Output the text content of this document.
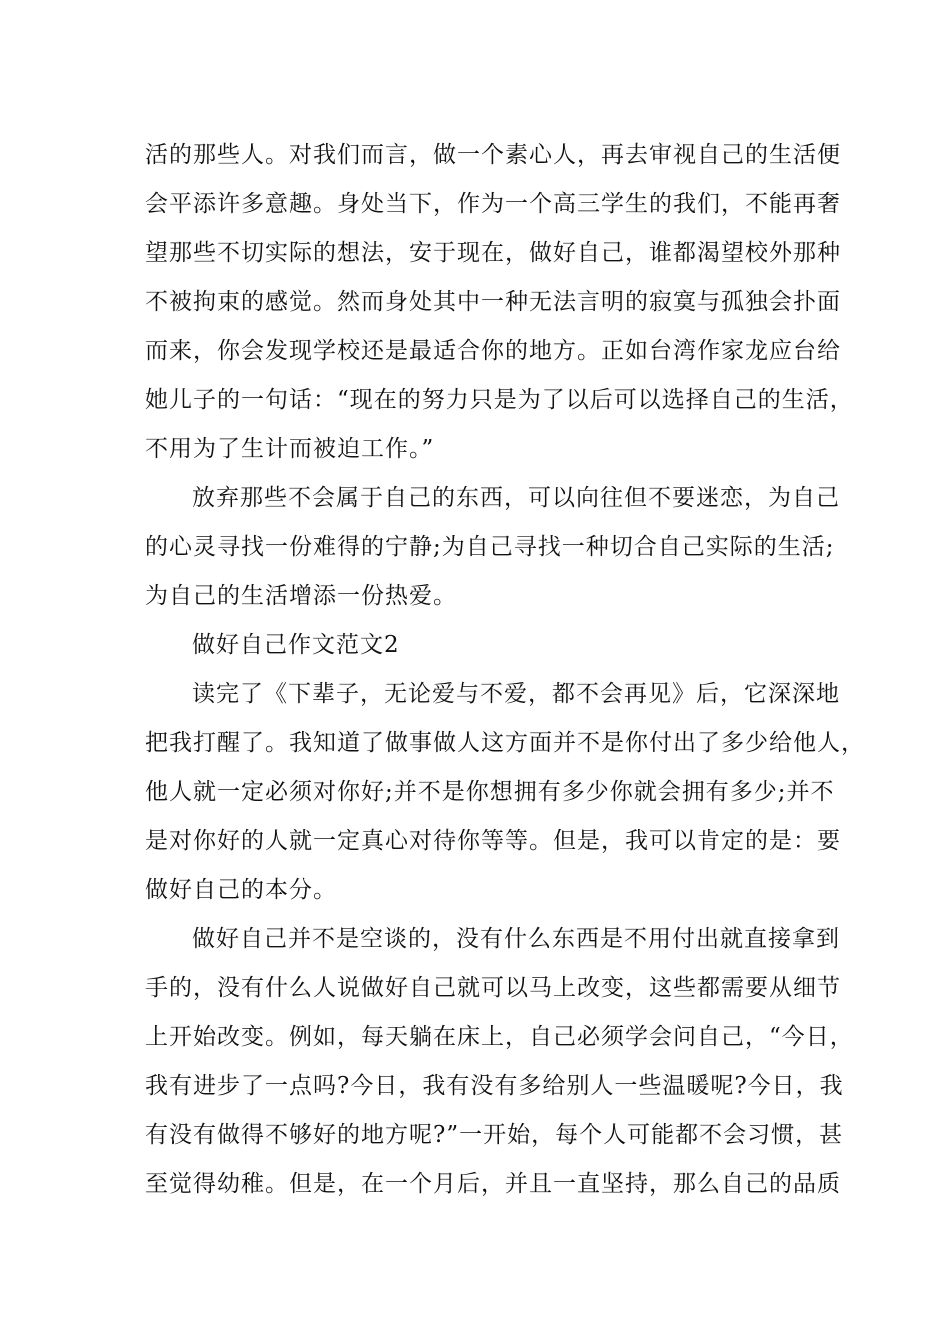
活的那些人。对我们而言，做一个素心人，再去审视自己的生活便
会平添许多意趣。身处当下，作为一个高三学生的我们，不能再奢
望那些不切实际的想法，安于现在，做好自己，谁都渴望校外那种
不被拘束的感觉。然而身处其中一种无法言明的寂寞与孤独会扑面
而来，你会发现学校还是最适合你的地方。正如台湾作家龙应台给
她儿子的一句话：“现在的努力只是为了以后可以选择自己的生活，
不用为了生计而被迫工作。”
放弃那些不会属于自己的东西，可以向往但不要迷恋，为自己
的心灵寻找一份难得的宁静;为自己寻找一种切合自己实际的生活;
为自己的生活增添一份热爱。
做好自己作文范文2
读完了《下辈子，无论爱与不爱，都不会再见》后，它深深地
把我打醒了。我知道了做事做人这方面并不是你付出了多少给他人，
他人就一定必须对你好;并不是你想拥有多少你就会拥有多少;并不
是对你好的人就一定真心对待你等等。但是，我可以肯定的是：要
做好自己的本分。
做好自己并不是空谈的，没有什么东西是不用付出就直接拿到
手的，没有什么人说做好自己就可以马上改变，这些都需要从细节
上开始改变。例如，每天躺在床上，自己必须学会问自己，“今日，
我有进步了一点吗?今日，我有没有多给别人一些温暖呢?今日，我
有没有做得不够好的地方呢?”一开始，每个人可能都不会习惯，甚
至觉得幼稚。但是，在一个月后，并且一直坚持，那么自己的品质
